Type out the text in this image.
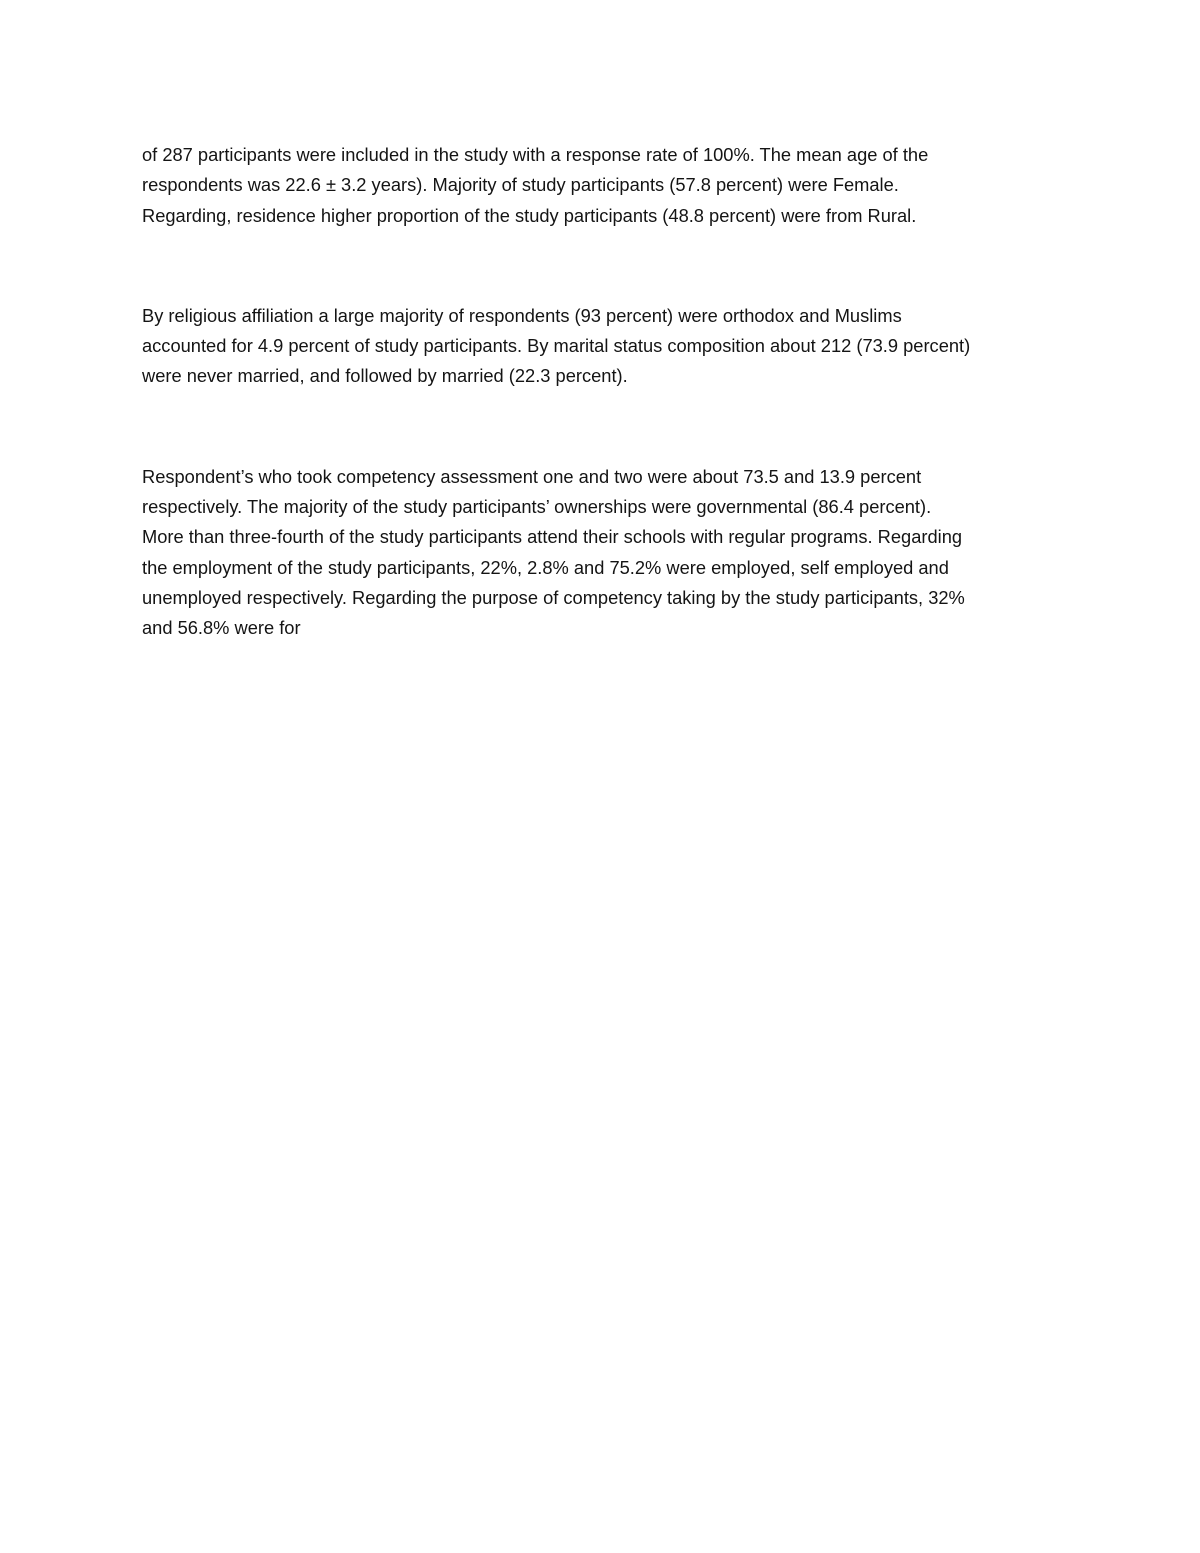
of 287 participants were included in the study with a response rate of 100%. The mean age of the
respondents was 22.6 ± 3.2 years). Majority of study participants (57.8 percent) were Female.
Regarding, residence higher proportion of the study participants (48.8 percent) were from Rural.

By religious affiliation a large majority of respondents (93 percent) were orthodox and Muslims
accounted for 4.9 percent of study participants. By marital status composition about 212 (73.9 percent)
were never married, and followed by married (22.3 percent).

Respondent’s who took competency assessment one and two were about 73.5 and 13.9 percent
respectively. The majority of the study participants’ ownerships were governmental (86.4 percent).
More than three-fourth of the study participants attend their schools with regular programs. Regarding
the employment of the study participants, 22%, 2.8% and 75.2% were employed, self employed and
unemployed respectively. Regarding the purpose of competency taking by the study participants, 32%
and 56.8% were for
